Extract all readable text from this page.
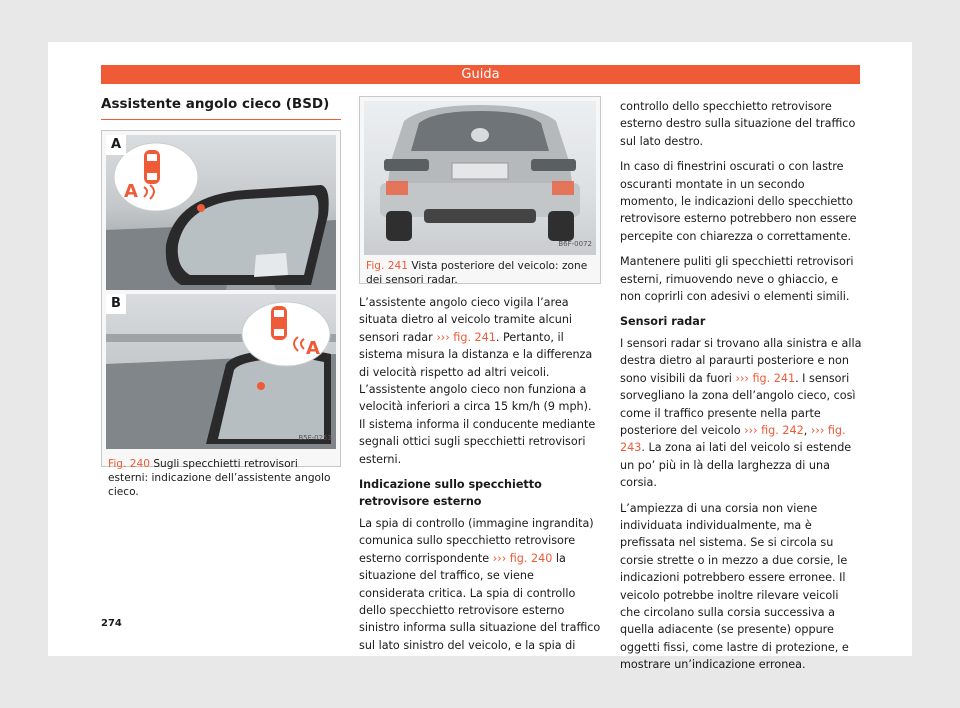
Guida
Assistente angolo cieco (BSD)
A
A
A
B
B5F-0253
Fig. 240 Sugli specchietti retrovisori esterni: indicazione dell’assistente angolo cieco.
B6F-0072
Fig. 241 Vista posteriore del veicolo: zone dei sensori radar.

L’assistente angolo cieco vigila l’area situata dietro al veicolo tramite alcuni sensori radar ››› fig. 241. Pertanto, il sistema misura la distanza e la differenza di velocità rispetto ad altri veicoli. L’assistente angolo cieco non funziona a velocità inferiori a circa 15 km/h (9 mph). Il sistema informa il conducente mediante segnali ottici sugli specchietti retrovisori esterni.

Indicazione sullo specchietto retrovisore esterno

La spia di controllo (immagine ingrandita) comunica sullo specchietto retrovisore esterno corrispondente ››› fig. 240 la situazione del traffico, se viene considerata critica. La spia di controllo dello specchietto retrovisore esterno sinistro informa sulla situazione del traffico sul lato sinistro del veicolo, e la spia di

controllo dello specchietto retrovisore esterno destro sulla situazione del traffico sul lato destro.

In caso di finestrini oscurati o con lastre oscuranti montate in un secondo momento, le indicazioni dello specchietto retrovisore esterno potrebbero non essere percepite con chiarezza o correttamente.

Mantenere puliti gli specchietti retrovisori esterni, rimuovendo neve o ghiaccio, e non coprirli con adesivi o elementi simili.

Sensori radar

I sensori radar si trovano alla sinistra e alla destra dietro al paraurti posteriore e non sono visibili da fuori ››› fig. 241. I sensori sorvegliano la zona dell’angolo cieco, così come il traffico presente nella parte posteriore del veicolo ››› fig. 242, ››› fig. 243. La zona ai lati del veicolo si estende un po’ più in là della larghezza di una corsia.

L’ampiezza di una corsia non viene individuata individualmente, ma è prefissata nel sistema. Se si circola su corsie strette o in mezzo a due corsie, le indicazioni potrebbero essere erronee. Il veicolo potrebbe inoltre rilevare veicoli che circolano sulla corsia successiva a quella adiacente (se presente) oppure oggetti fissi, come lastre di protezione, e mostrare un’indicazione erronea.

274
